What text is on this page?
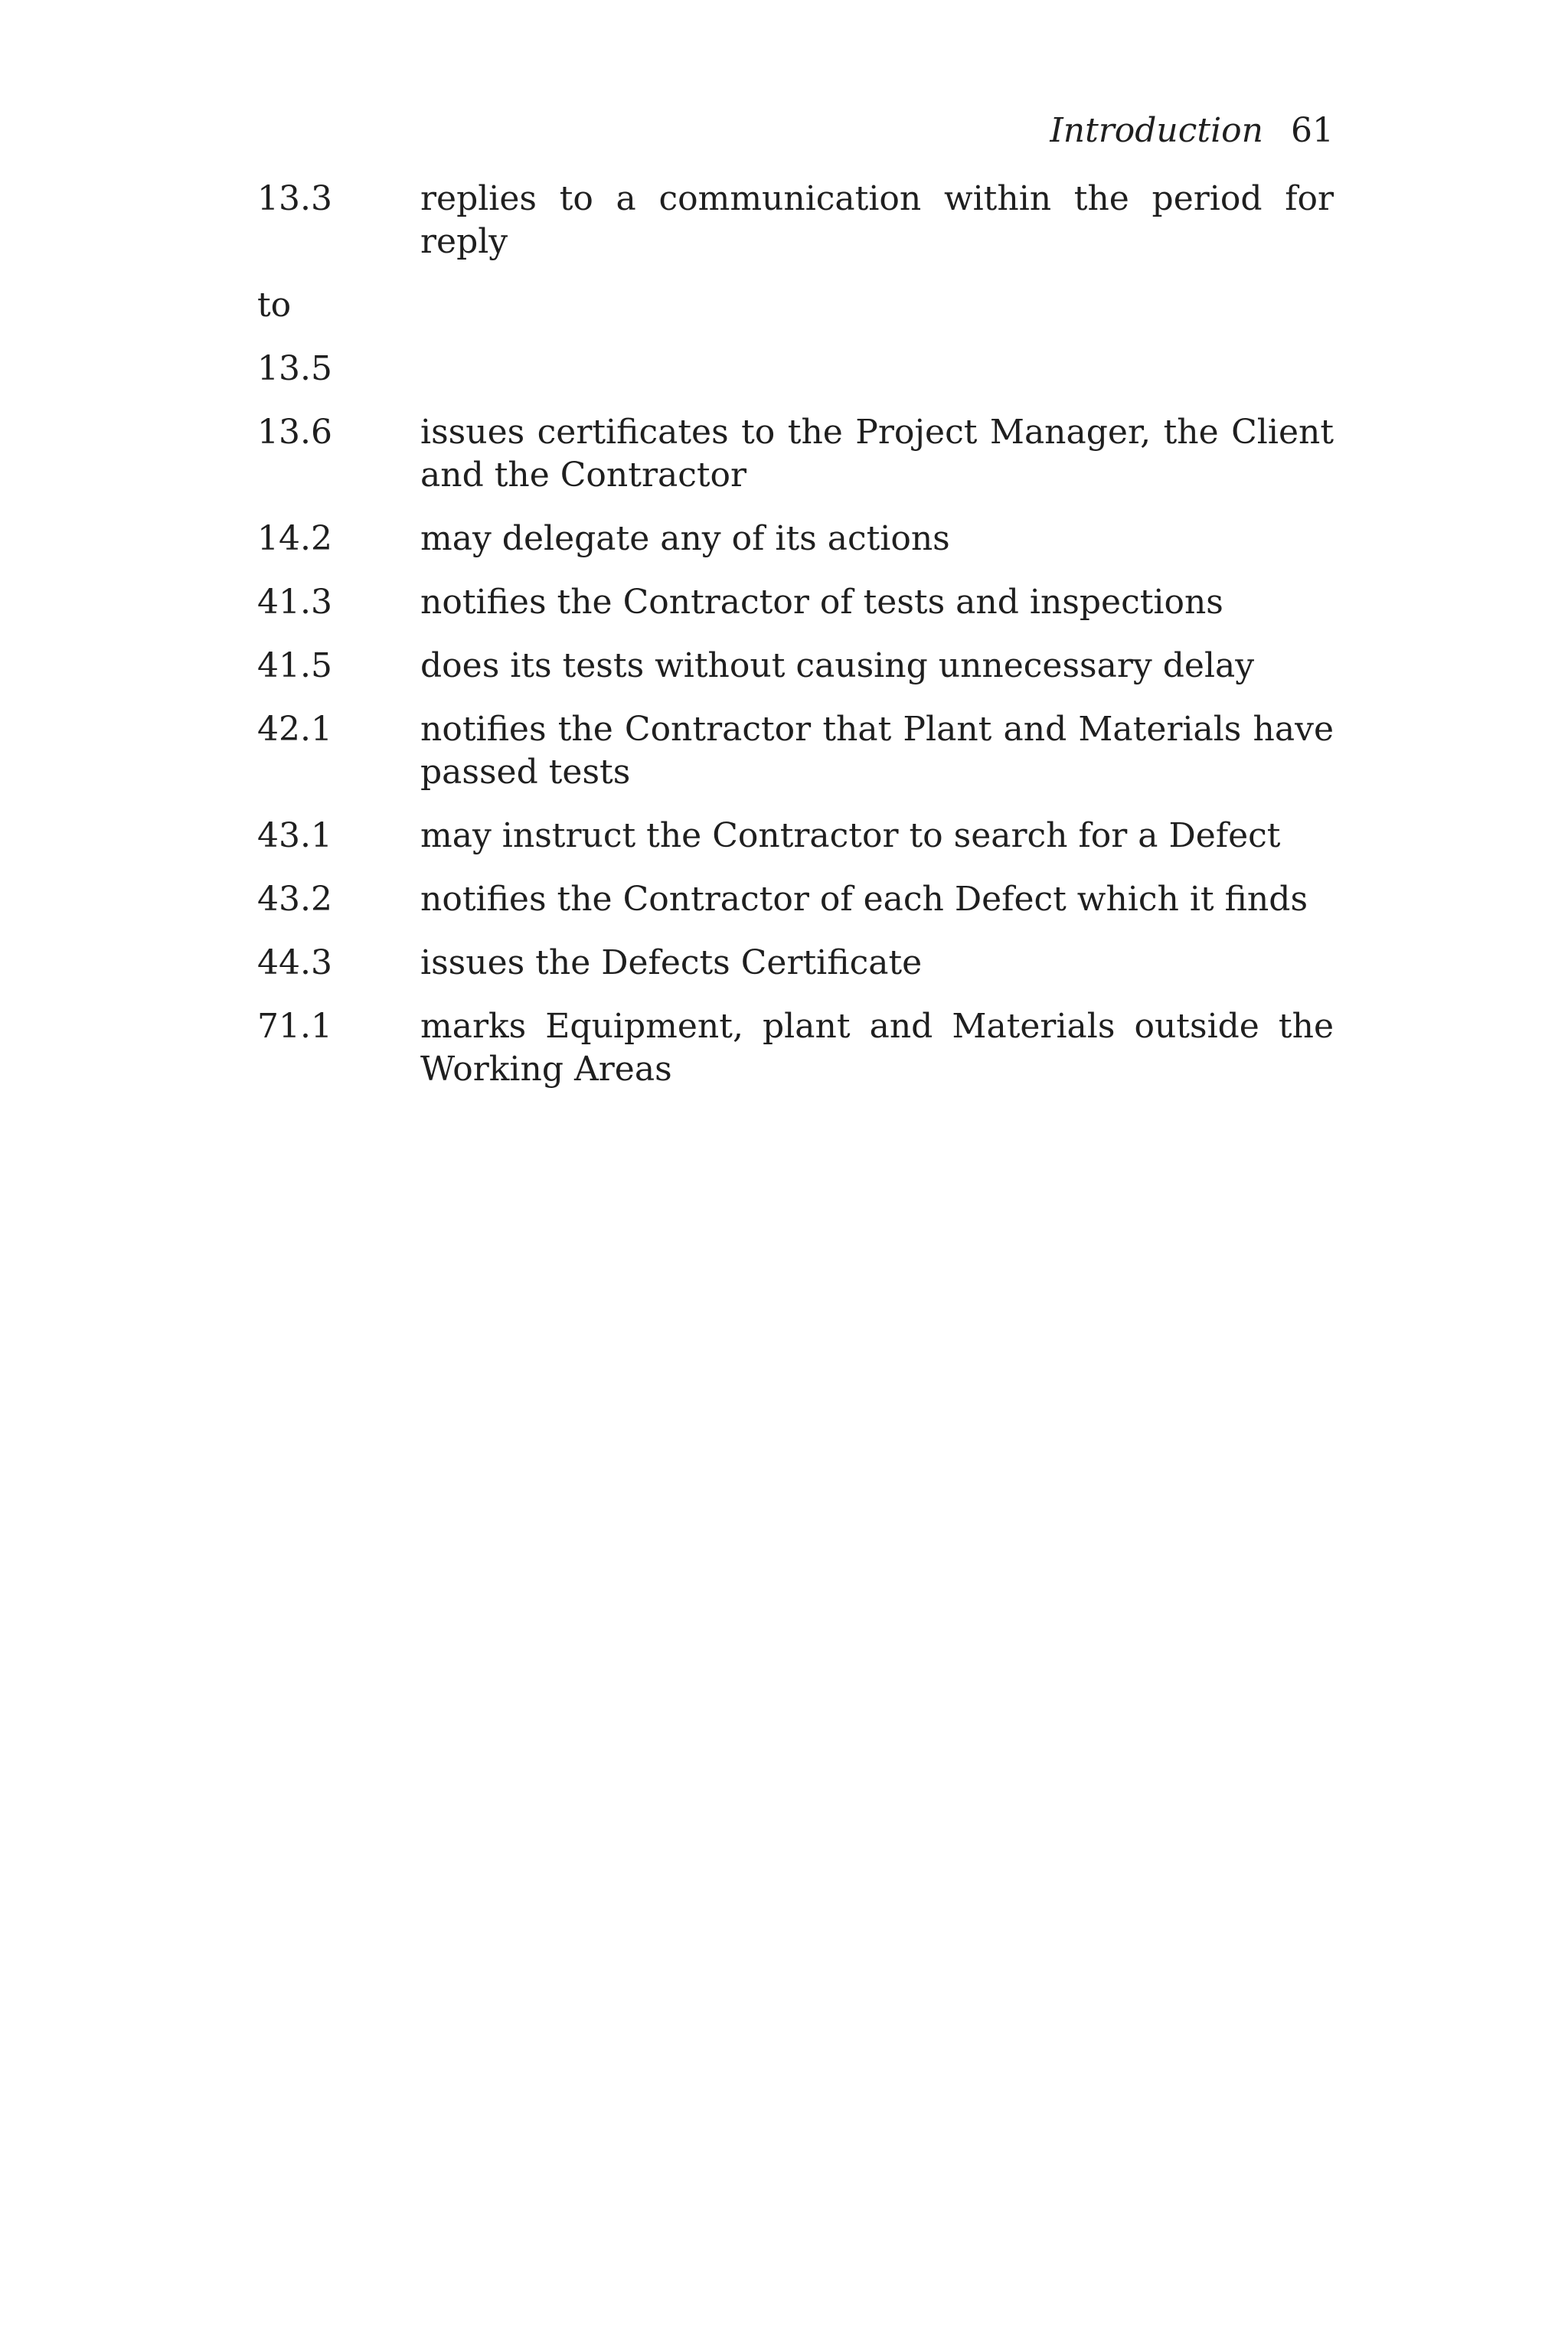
Introduction 61
13.3	replies to a communication within the period for reply
to
13.5
13.6	issues certificates to the Project Manager, the Client and the Contractor
14.2	may delegate any of its actions
41.3	notifies the Contractor of tests and inspections
41.5	does its tests without causing unnecessary delay
42.1	notifies the Contractor that Plant and Materials have passed tests
43.1	may instruct the Contractor to search for a Defect
43.2	notifies the Contractor of each Defect which it finds
44.3	issues the Defects Certificate
71.1	marks Equipment, plant and Materials outside the Working Areas
